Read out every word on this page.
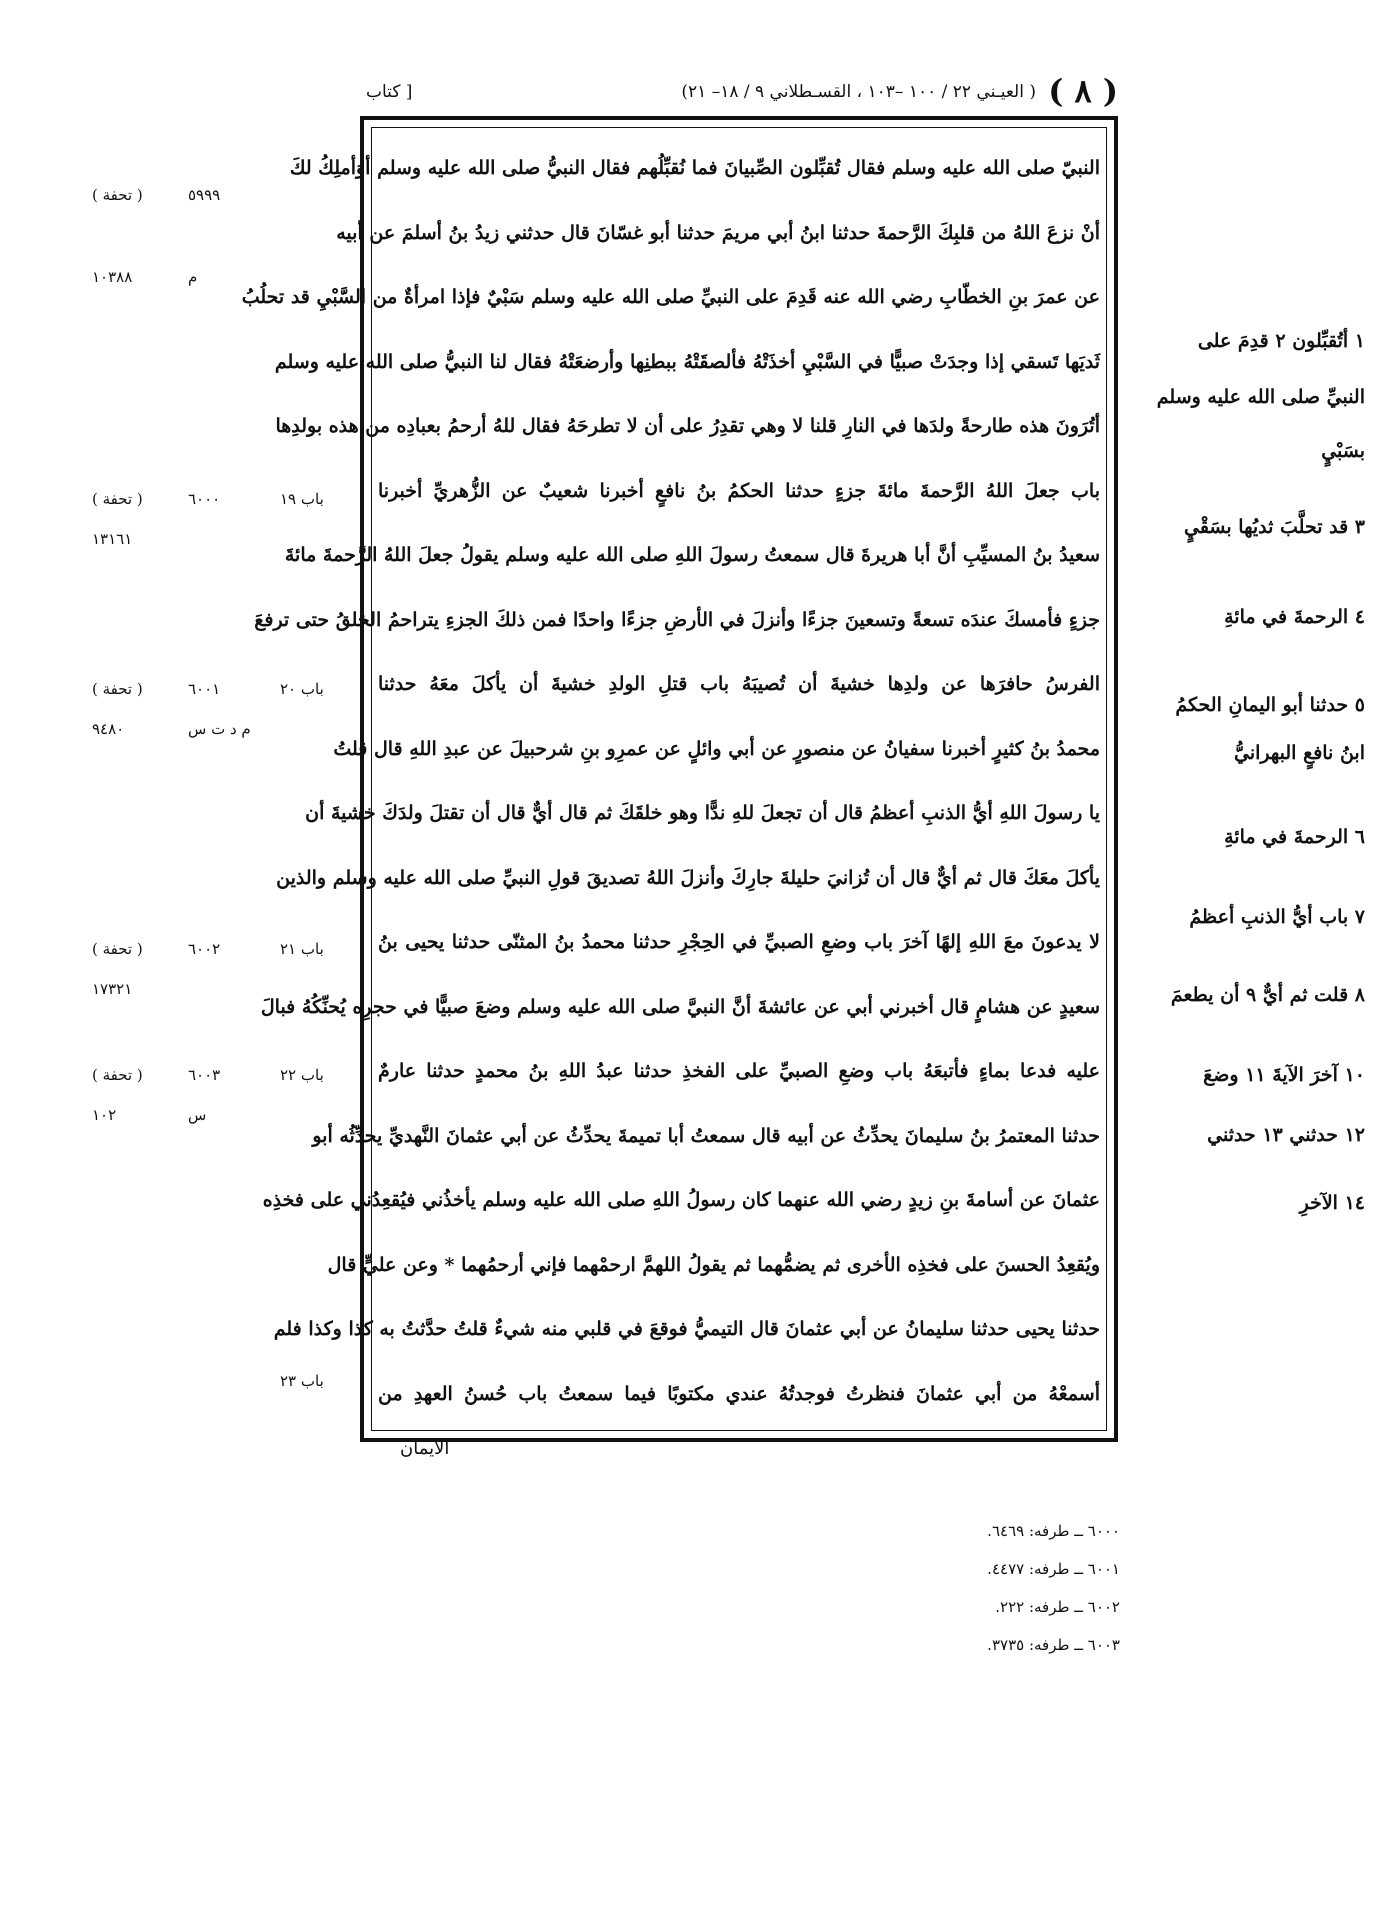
( ٨ )
( العيـني ٢٢ / ١٠٠ –١٠٣ ، القسـطلاني ٩ / ١٨– ٢١)
[ كتاب
النبيّ صلى الله عليه وسلم فقال تُقبِّلون الصِّبيانَ فما نُقبِّلُهم فقال النبيُّ صلى الله عليه وسلم أوَأملِكُ لكَ
أنْ نزعَ اللهُ من قلبِكَ الرَّحمةَ حدثنا ابنُ أبي مريمَ حدثنا أبو غسّانَ قال حدثني زيدُ بنُ أسلمَ عن أبيه
عن عمرَ بنِ الخطّابِ رضي الله عنه قَدِمَ على النبيِّ صلى الله عليه وسلم سَبْيٌ فإذا امرأةٌ من السَّبْيِ قد تحلُبُ
ثَديَها تَسقي إذا وجدَتْ صبيًّا في السَّبْيِ أخذَتْهُ فألصقَتْهُ ببطنِها وأرضعَتْهُ فقال لنا النبيُّ صلى الله عليه وسلم
أتُرَونَ هذه طارحةً ولدَها في النارِ قلنا لا وهي تقدِرُ على أن لا تطرحَهُ فقال للهُ أرحمُ بعبادِه من هذه بولدِها
باب جعلَ اللهُ الرَّحمةَ مائةَ جزءٍ حدثنا الحكمُ بنُ نافعٍ أخبرنا شعيبٌ عن الزُّهريِّ أخبرنا
سعيدُ بنُ المسيِّبِ أنَّ أبا هريرةَ قال سمعتُ رسولَ اللهِ صلى الله عليه وسلم يقولُ جعلَ اللهُ الرَّحمةَ مائةَ
جزءٍ فأمسكَ عندَه تسعةً وتسعينَ جزءًا وأنزلَ في الأرضِ جزءًا واحدًا فمن ذلكَ الجزءِ يتراحمُ الخلقُ حتى ترفعَ
الفرسُ حافرَها عن ولدِها خشيةَ أن تُصيبَهُ باب قتلِ الولدِ خشيةَ أن يأكلَ معَهُ حدثنا
محمدُ بنُ كثيرٍ أخبرنا سفيانُ عن منصورٍ عن أبي وائلٍ عن عمرِو بنِ شرحبيلَ عن عبدِ اللهِ قال قلتُ
يا رسولَ اللهِ أيُّ الذنبِ أعظمُ قال أن تجعلَ للهِ ندًّا وهو خلقَكَ ثم قال أيٌّ قال أن تقتلَ ولدَكَ خشيةَ أن
يأكلَ معَكَ قال ثم أيٌّ قال أن تُزانيَ حليلةَ جارِكَ وأنزلَ اللهُ تصديقَ قولِ النبيِّ صلى الله عليه وسلم والذين
لا يدعونَ معَ اللهِ إلهًا آخرَ باب وضعِ الصبيِّ في الحِجْرِ حدثنا محمدُ بنُ المثنّى حدثنا يحيى بنُ
سعيدٍ عن هشامٍ قال أخبرني أبي عن عائشةَ أنَّ النبيَّ صلى الله عليه وسلم وضعَ صبيًّا في حجرِه يُحنِّكُهُ فبالَ
عليه فدعا بماءٍ فأتبعَهُ باب وضعِ الصبيِّ على الفخذِ حدثنا عبدُ اللهِ بنُ محمدٍ حدثنا عارمٌ
حدثنا المعتمرُ بنُ سليمانَ يحدِّثُ عن أبيه قال سمعتُ أبا تميمةَ يحدِّثُ عن أبي عثمانَ النَّهديِّ يحدِّثُه أبو
عثمانَ عن أسامةَ بنِ زيدٍ رضي الله عنهما كان رسولُ اللهِ صلى الله عليه وسلم يأخذُني فيُقعِدُني على فخذِه
ويُقعِدُ الحسنَ على فخذِه الأخرى ثم يضمُّهما ثم يقولُ اللهمَّ ارحمْهما فإني أرحمُهما * وعن عليٍّ قال
حدثنا يحيى حدثنا سليمانُ عن أبي عثمانَ قال التيميُّ فوقعَ في قلبي منه شيءٌ قلتُ حدَّثتُ به كذا وكذا فلم
أسمعْهُ من أبي عثمانَ فنظرتُ فوجدتُهُ عندي مكتوبًا فيما سمعتُ باب حُسنُ العهدِ من
( تحفة )	٥٩٩٩
١٠٣٨٨	م
( تحفة )	٦٠٠٠	باب ١٩
١٣١٦١
( تحفة )	٦٠٠١	باب ٢٠
٩٤٨٠	م د ت س
( تحفة )	٦٠٠٢	باب ٢١
١٧٣٢١
( تحفة )	٦٠٠٣	باب ٢٢
١٠٢	س
باب ٢٣
١ أتُقبِّلون ٢ قدِمَ على
النبيِّ صلى الله عليه وسلم
بسَبْيٍ
٣ قد تحلَّبَ ثديُها بسَقْيٍ
٤ الرحمةَ في مائةِ
٥ حدثنا أبو اليمانِ الحكمُ
ابنُ نافعٍ البهرانيُّ
٦ الرحمةَ في مائةِ
٧ باب أيُّ الذنبِ أعظمُ
٨ قلت ثم أيٌّ ٩ أن يطعمَ
١٠ آخرَ الآيةَ ١١ وضعَ
١٢ حدثني ١٣ حدثني
١٤ الآخرِ
الايمان
٦٠٠٠ ــ طرفه: ٦٤٦٩.
٦٠٠١ ــ طرفه: ٤٤٧٧.
٦٠٠٢ ــ طرفه: ٢٢٢.
٦٠٠٣ ــ طرفه: ٣٧٣٥.
